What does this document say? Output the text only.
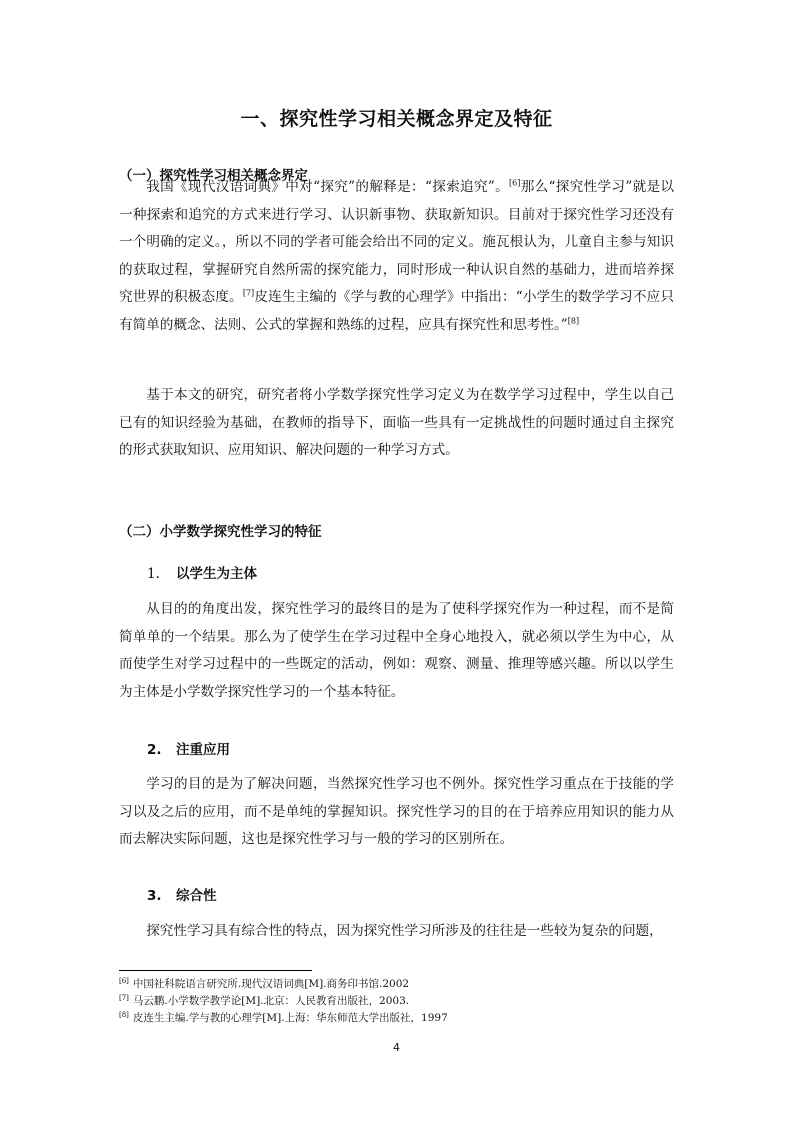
一、探究性学习相关概念界定及特征
（一）探究性学习相关概念界定

我国《现代汉语词典》中对“探究”的解释是：“探索追究”。[6]那么“探究性学习”就是以一种探索和追究的方式来进行学习、认识新事物、获取新知识。目前对于探究性学习还没有一个明确的定义。，所以不同的学者可能会给出不同的定义。施瓦根认为，儿童自主参与知识的获取过程，掌握研究自然所需的探究能力，同时形成一种认识自然的基础力，进而培养探究世界的积极态度。[7]皮连生主编的《学与教的心理学》中指出：“小学生的数学学习不应只有简单的概念、法则、公式的掌握和熟练的过程，应具有探究性和思考性。”[8]

基于本文的研究，研究者将小学数学探究性学习定义为在数学学习过程中，学生以自己已有的知识经验为基础，在教师的指导下，面临一些具有一定挑战性的问题时通过自主探究的形式获取知识、应用知识、解决问题的一种学习方式。

（二）小学数学探究性学习的特征
1. 以学生为主体

从目的的角度出发，探究性学习的最终目的是为了使科学探究作为一种过程，而不是简简单单的一个结果。那么为了使学生在学习过程中全身心地投入，就必须以学生为中心，从而使学生对学习过程中的一些既定的活动，例如：观察、测量、推理等感兴趣。所以以学生为主体是小学数学探究性学习的一个基本特征。

2. 注重应用

学习的目的是为了解决问题，当然探究性学习也不例外。探究性学习重点在于技能的学习以及之后的应用，而不是单纯的掌握知识。探究性学习的目的在于培养应用知识的能力从而去解决实际问题，这也是探究性学习与一般的学习的区别所在。

3. 综合性

探究性学习具有综合性的特点，因为探究性学习所涉及的往往是一些较为复杂的问题，

[6] 中国社科院语言研究所.现代汉语词典[M].商务印书馆.2002
[7] 马云鹏.小学数学教学论[M].北京：人民教育出版社，2003.
[8] 皮连生主编.学与教的心理学[M].上海：华东师范大学出版社，1997
4
